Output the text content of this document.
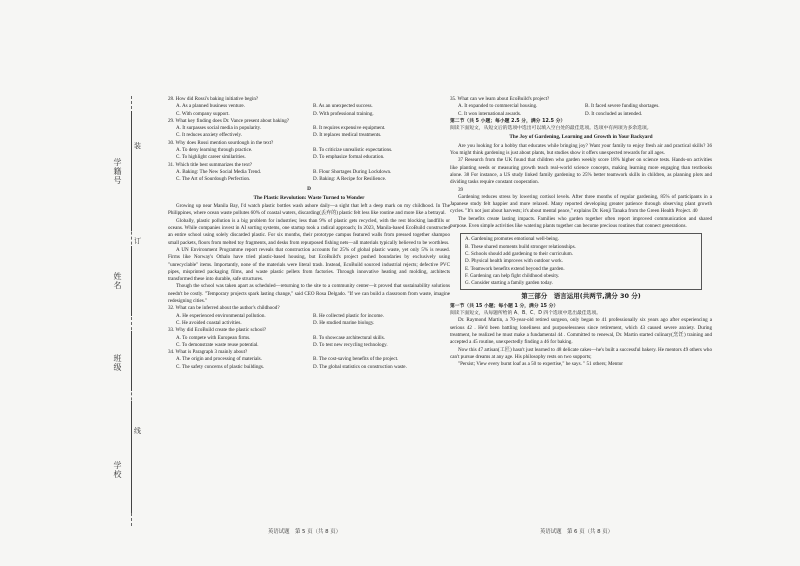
学校
班级
姓名
学籍号
装
订
线

28. How did Rossi's baking initiative begin?

A. As a planned business venture.	B. As an unexpected success.
C. With company support.	D. With professional training.

29. What key finding does Dr. Vance present about baking?

A. It surpasses social media in popularity.	B. It requires expensive equipment.
C. It reduces anxiety effectively.	D. It replaces medical treatments.

30. Why does Rossi mention sourdough in the text?

A. To deny learning through practice.	B. To criticize unrealistic expectations.
C. To highlight career similarities.	D. To emphasize formal education.

31. Which title best summarizes the text?

A. Baking: The New Social Media Trend.	B. Flour Shortages During Lockdown.
C. The Art of Sourdough Perfection.	D. Baking: A Recipe for Resilience.
D
The Plastic Revolution: Waste Turned to Wonder

Growing up near Manila Bay, I'd watch plastic bottles wash ashore daily—a sight that left a deep mark on my childhood. In The Philippines, where ocean waste pollutes 60% of coastal waters, discarding(丢弃的) plastic felt less like routine and more like a betrayal.

Globally, plastic pollution is a big problem for industries; less than 9% of plastic gets recycled, with the rest blocking landfills or oceans. While companies invest in AI sorting systems, one startup took a radical approach; In 2023, Manila-based EcoBuild constructed an entire school using solely discarded plastic. For six months, their prototype campus featured walls from pressed together shampoo small packets, floors from melted toy fragments, and desks from repurposed fishing nets—all materials typically believed to be worthless.

A UN Environment Programme report reveals that construction accounts for 25% of global plastic waste, yet only 5% is reused. Firms like Norway's Othalo have tried plastic-based housing, but EcoBuild's project pushed boundaries by exclusively using "unrecyclable" items. Importantly, none of the materials were literal trash. Instead, EcoBuild sourced industrial rejects; defective PVC pipes, misprinted packaging films, and waste plastic pellets from factories. Through innovative heating and molding, architects transformed these into durable, safe structures.

Though the school was taken apart as scheduled—returning to the site to a community center—it proved that sustainability solutions needn't be costly. "Temporary projects spark lasting change," said CEO Rosa Delgado. "If we can build a classroom from waste, imagine redesigning cities."

32. What can be inferred about the author's childhood?

A. He experienced environmental pollution.	B. He collected plastic for income.
C. He avoided coastal activities.	D. He studied marine biology.

33. Why did EcoBuild create the plastic school?

A. To compete with European firms.	B. To showcase architectural skills.
C. To demonstrate waste reuse potential.	D. To test new recycling technology.

34. What is Paragraph 3 mainly about?

A. The origin and processing of materials.	B. The cost-saving benefits of the project.
C. The safety concerns of plastic buildings.	D. The global statistics on construction waste.

35. What can we learn about EcoBuild's project?

A. It expanded to commercial housing.	B. It faced severe funding shortages.
C. It won international awards.	D. It concluded as intended.

第二节（共 5 小题；每小题 2.5 分，满分 12.5 分）

阅读下面短文，从短文后的选项中选出可以填入空白处的最佳选项。选项中有两项为多余选项。

The Joy of Gardening, Learning and Growth in Your Backyard

Are you looking for a hobby that educates while bringing joy? Want your family to enjoy fresh air and practical skills? 36 You might think gardening is just about plants, but studies show it offers unexpected rewards for all ages.

37 Research from the UK found that children who garden weekly score 18% higher on science tests. Hands-on activities like planting seeds or measuring growth teach real-world science concepts, making learning more engaging than textbooks alone. 38 For instance, a US study linked family gardening to 25% better teamwork skills in children, as planning plots and dividing tasks require constant cooperation.

39

Gardening reduces stress by lowering cortisol levels. After three months of regular gardening, 85% of participants in a Japanese study felt happier and more relaxed. Many reported developing greater patience through observing plant growth cycles. "It's not just about harvests; it's about mental peace," explains Dr. Kenji Tanaka from the Green Health Project. 40

The benefits create lasting impacts. Families who garden together often report improved communication and shared purpose. Even simple activities like watering plants together can become precious routines that connect generations.

A. Gardening promotes emotional well-being.
B. These shared moments build stronger relationships.
C. Schools should add gardening to their curriculum.
D. Physical health improves with outdoor work.
E. Teamwork benefits extend beyond the garden.
F. Gardening can help fight childhood obesity.
G. Consider starting a family garden today.
第三部分　语言运用(共两节,满分 30 分)

第一节（共 15 小题；每小题 1 分，满分 15 分）

阅读下面短文，从每题所给的 A、B、C、D 四个选项中选出最佳选项。

Dr. Raymond Martin, a 70-year-old retired surgeon, only began to 41 professionally six years ago after experiencing a serious 42 . He'd been battling loneliness and purposelessness since retirement, which 43 caused severe anxiety. During treatment, he realized he must make a fundamental 44 . Committed to renewal, Dr. Martin started culinary(烹饪) training and accepted a 45 routine, unexpectedly finding a 46 for baking.

Now this 47 artisan(工匠) hasn't just learned to 48 delicate cakes—he's built a successful bakery. He mentors 49 others who can't pursue dreams at any age. His philosophy rests on two supports;

"Persist; View every burnt loaf as a 50 to expertise," he says. " 51 others; Mentor

英语试题　第 5 页（共 8 页）	英语试题　第 6 页（共 8 页）
